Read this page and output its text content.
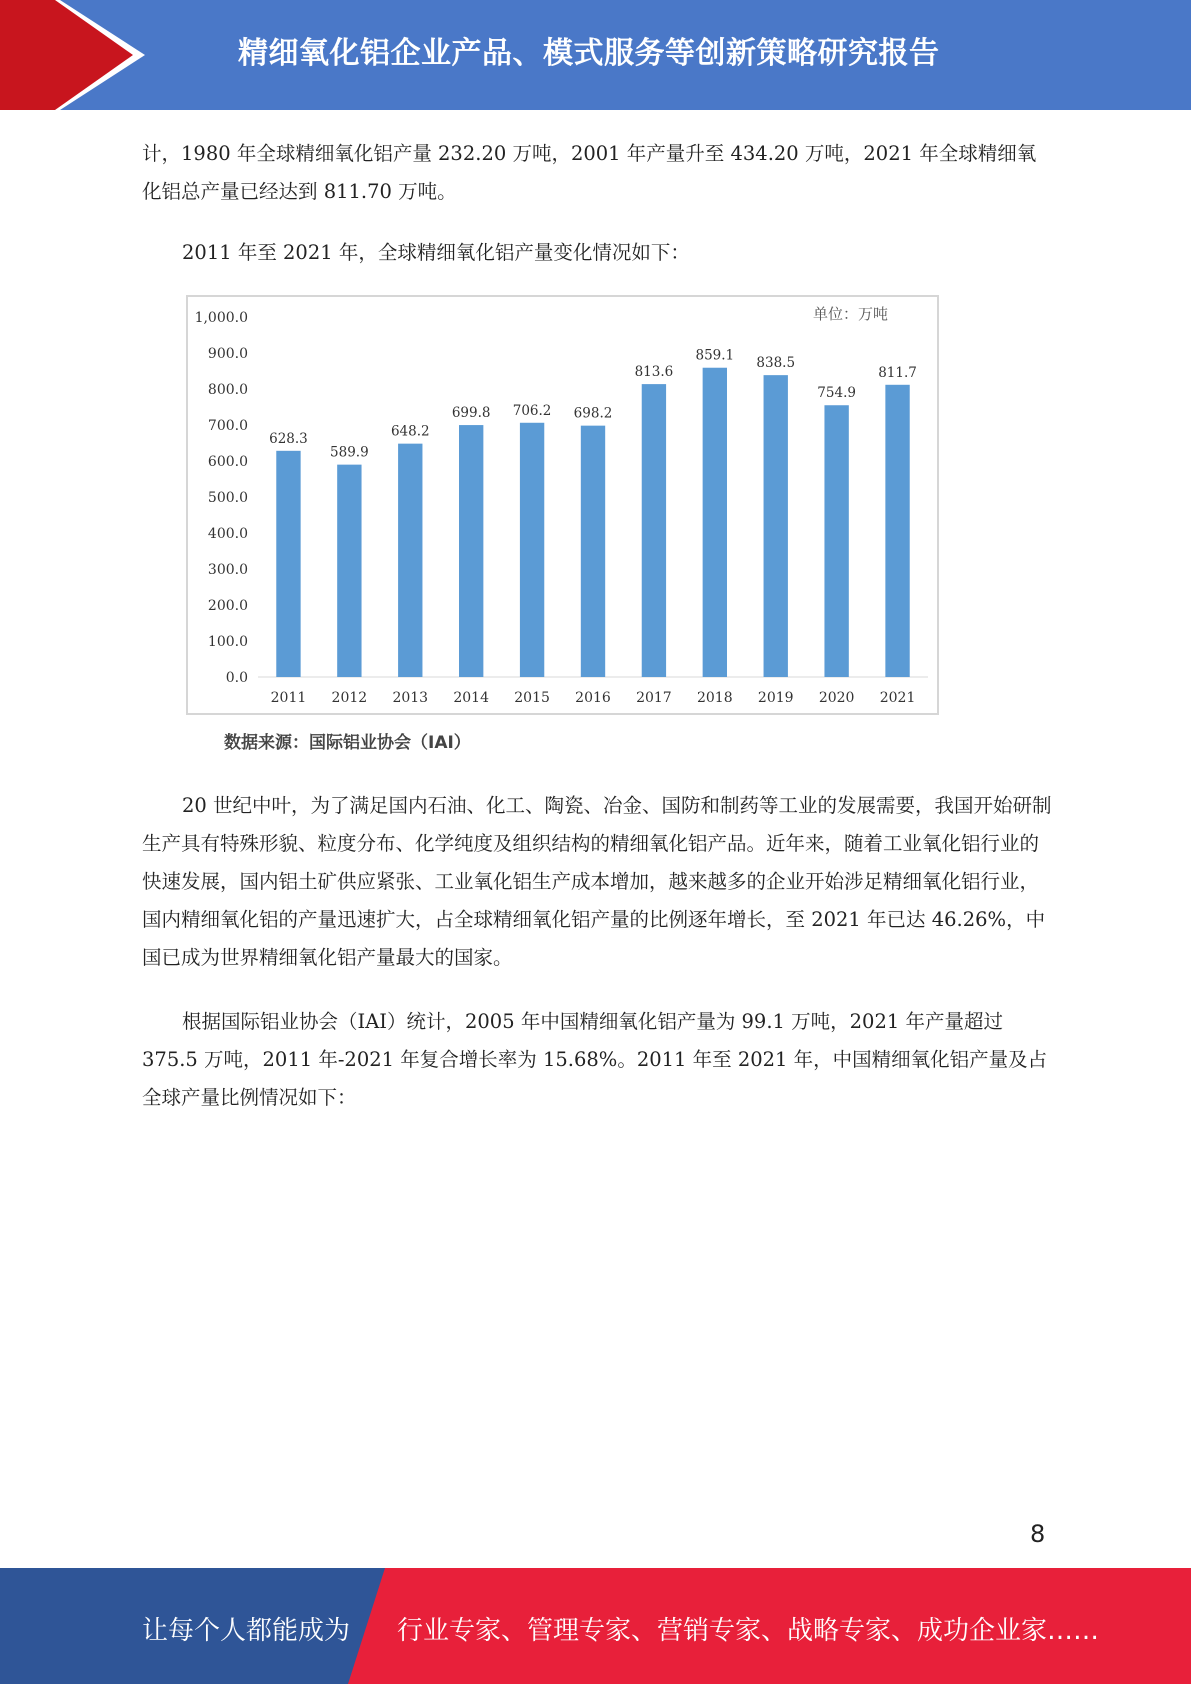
精细氧化铝企业产品、模式服务等创新策略研究报告

计，1980 年全球精细氧化铝产量 232.20 万吨，2001 年产量升至 434.20 万吨，2021 年全球精细氧化铝总产量已经达到 811.70 万吨。

2011 年至 2021 年，全球精细氧化铝产量变化情况如下：

628.3
589.9
648.2
699.8 706.2 698.2
813.6
859.1 838.5
754.9
811.7
0.0
100.0
200.0
300.0
400.0
500.0
600.0
700.0
800.0
900.0
1,000.0
2011 2012 2013 2014 2015 2016 2017 2018 2019 2020 2021
单位：万吨
数据来源：国际铝业协会（IAI）

20 世纪中叶，为了满足国内石油、化工、陶瓷、冶金、国防和制药等工业的发展需要，我国开始研制生产具有特殊形貌、粒度分布、化学纯度及组织结构的精细氧化铝产品。近年来，随着工业氧化铝行业的快速发展，国内铝土矿供应紧张、工业氧化铝生产成本增加，越来越多的企业开始涉足精细氧化铝行业，国内精细氧化铝的产量迅速扩大，占全球精细氧化铝产量的比例逐年增长，至 2021 年已达 46.26%，中国已成为世界精细氧化铝产量最大的国家。

根据国际铝业协会（IAI）统计，2005 年中国精细氧化铝产量为 99.1 万吨，2021 年产量超过 375.5 万吨，2011 年-2021 年复合增长率为 15.68%。2011 年至 2021 年，中国精细氧化铝产量及占全球产量比例情况如下：

8
让每个人都能成为 行业专家、管理专家、营销专家、战略专家、成功企业家……
